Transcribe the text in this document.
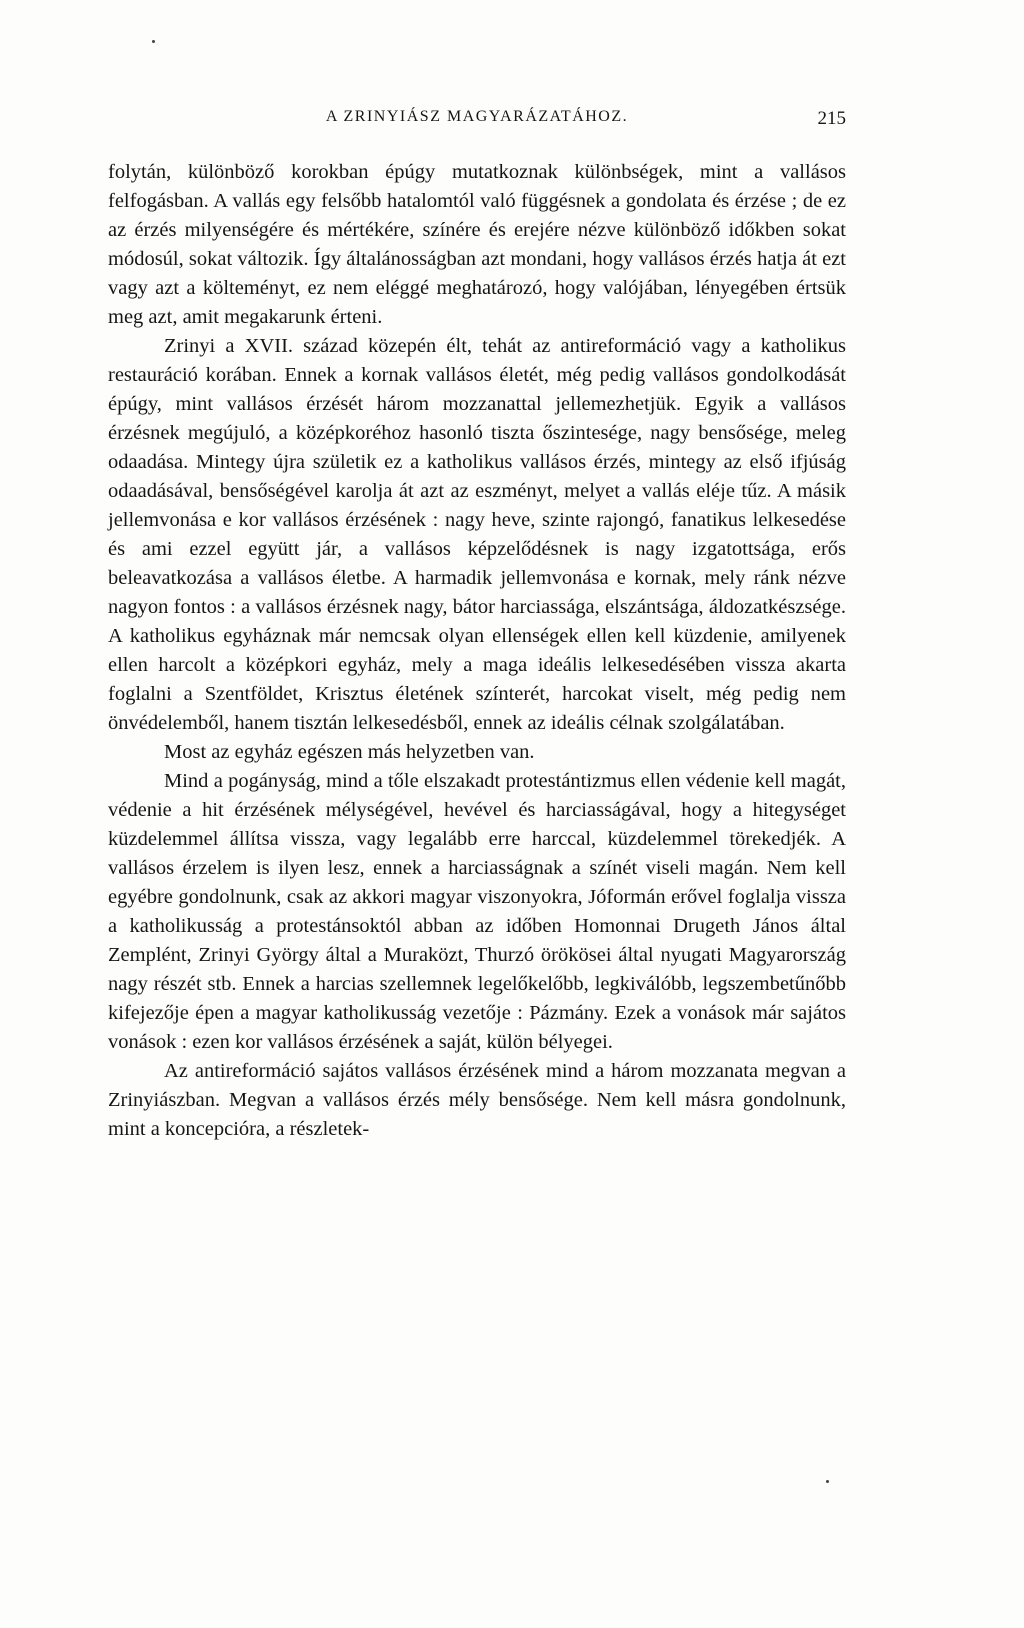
A ZRINYIÁSZ MAGYARÁZATÁHOZ.	215

folytán, különböző korokban épúgy mutatkoznak különbségek, mint a vallásos felfogásban. A vallás egy felsőbb hatalomtól való függésnek a gondolata és érzése ; de ez az érzés milyenségére és mértékére, színére és erejére nézve különböző időkben sokat módosúl, sokat változik. Így általánosságban azt mondani, hogy vallásos érzés hatja át ezt vagy azt a költeményt, ez nem eléggé meghatározó, hogy valójában, lényegében értsük meg azt, amit megakarunk érteni.

Zrinyi a XVII. század közepén élt, tehát az antireformáció vagy a katholikus restauráció korában. Ennek a kornak vallásos életét, még pedig vallásos gondolkodását épúgy, mint vallásos érzését három mozzanattal jellemezhetjük. Egyik a vallásos érzésnek megújuló, a középkoréhoz hasonló tiszta őszintesége, nagy bensősége, meleg odaadása. Mintegy újra születik ez a katholikus vallásos érzés, mintegy az első ifjúság odaadásával, bensőségével karolja át azt az eszményt, melyet a vallás eléje tűz. A másik jellemvonása e kor vallásos érzésének : nagy heve, szinte rajongó, fanatikus lelkesedése és ami ezzel együtt jár, a vallásos képzelődésnek is nagy izgatottsága, erős beleavatkozása a vallásos életbe. A harmadik jellemvonása e kornak, mely ránk nézve nagyon fontos : a vallásos érzésnek nagy, bátor harciassága, elszántsága, áldozatkészsége. A katholikus egyháznak már nemcsak olyan ellenségek ellen kell küzdenie, amilyenek ellen harcolt a középkori egyház, mely a maga ideális lelkesedésében vissza akarta foglalni a Szentföldet, Krisztus életének színterét, harcokat viselt, még pedig nem önvédelemből, hanem tisztán lelkesedésből, ennek az ideális célnak szolgálatában.

Most az egyház egészen más helyzetben van.

Mind a pogányság, mind a tőle elszakadt protestántizmus ellen védenie kell magát, védenie a hit érzésének mélységével, hevével és harciasságával, hogy a hitegységet küzdelemmel állítsa vissza, vagy legalább erre harccal, küzdelemmel törekedjék. A vallásos érzelem is ilyen lesz, ennek a harciasságnak a színét viseli magán. Nem kell egyébre gondolnunk, csak az akkori magyar viszonyokra, Jóformán erővel foglalja vissza a katholikusság a protestánsoktól abban az időben Homonnai Drugeth János által Zemplént, Zrinyi György által a Muraközt, Thurzó örökösei által nyugati Magyarország nagy részét stb. Ennek a harcias szellemnek legelőkelőbb, legkiválóbb, legszembetűnőbb kifejezője épen a magyar katholikusság vezetője : Pázmány. Ezek a vonások már sajátos vonások : ezen kor vallásos érzésének a saját, külön bélyegei.

Az antireformáció sajátos vallásos érzésének mind a három mozzanata megvan a Zrinyiászban. Megvan a vallásos érzés mély bensősége. Nem kell másra gondolnunk, mint a koncepcióra, a részletek-
